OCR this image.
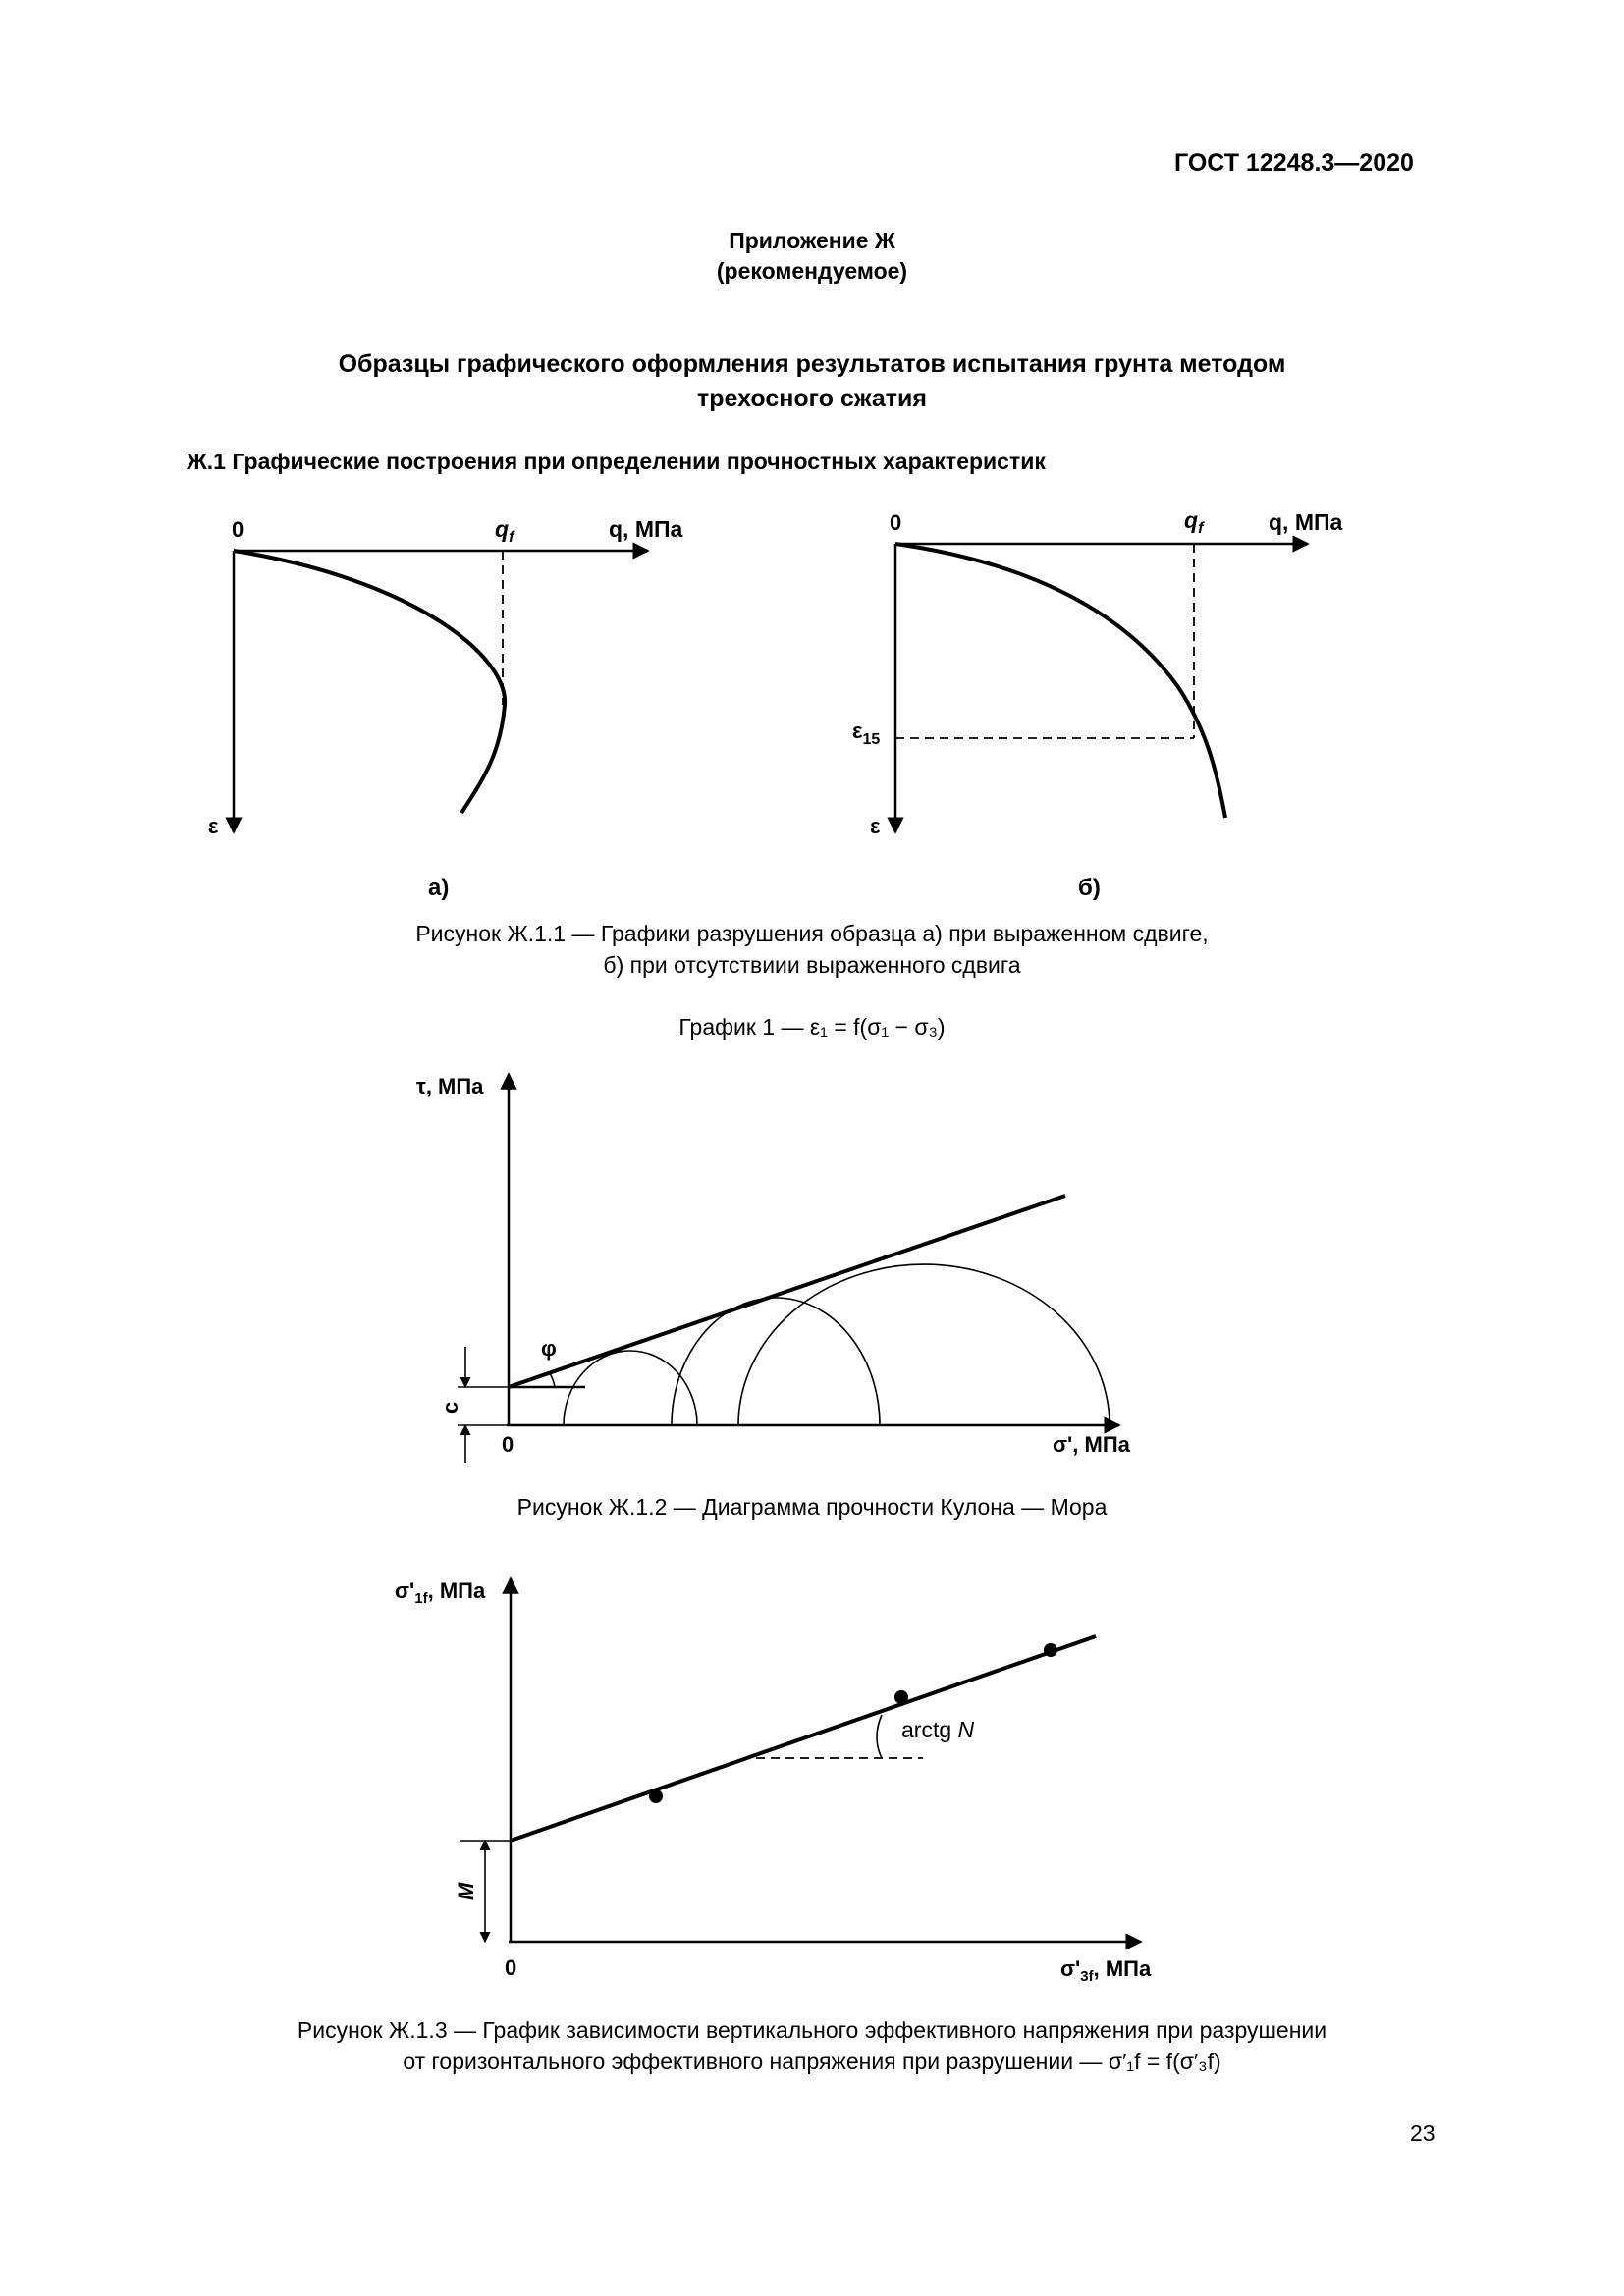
ГОСТ 12248.3—2020
Приложение Ж
(рекомендуемое)
Образцы графического оформления результатов испытания грунта методом
трехосного сжатия
Ж.1 Графические построения при определении прочностных характеристик
0	$q_f$	q, МПа
ε
а)
0	$q_f$	q, МПа
$\varepsilon_{15}$
ε
б)
τ, МПа
σ', МПа
0
φ
c
$\sigma'_{1f}$, МПа
$\sigma'_{3f}$, МПа
0
arctg N
M
Рисунок Ж.1.1 — Графики разрушения образца а) при выраженном сдвиге,
б) при отсутствиии выраженного сдвига
График 1 — ε₁ = f(σ₁ − σ₃)
Рисунок Ж.1.2 — Диаграмма прочности Кулона — Мора
Рисунок Ж.1.3 — График зависимости вертикального эффективного напряжения при разрушении
от горизонтального эффективного напряжения при разрушении — σ′₁f = f(σ′₃f)
23
